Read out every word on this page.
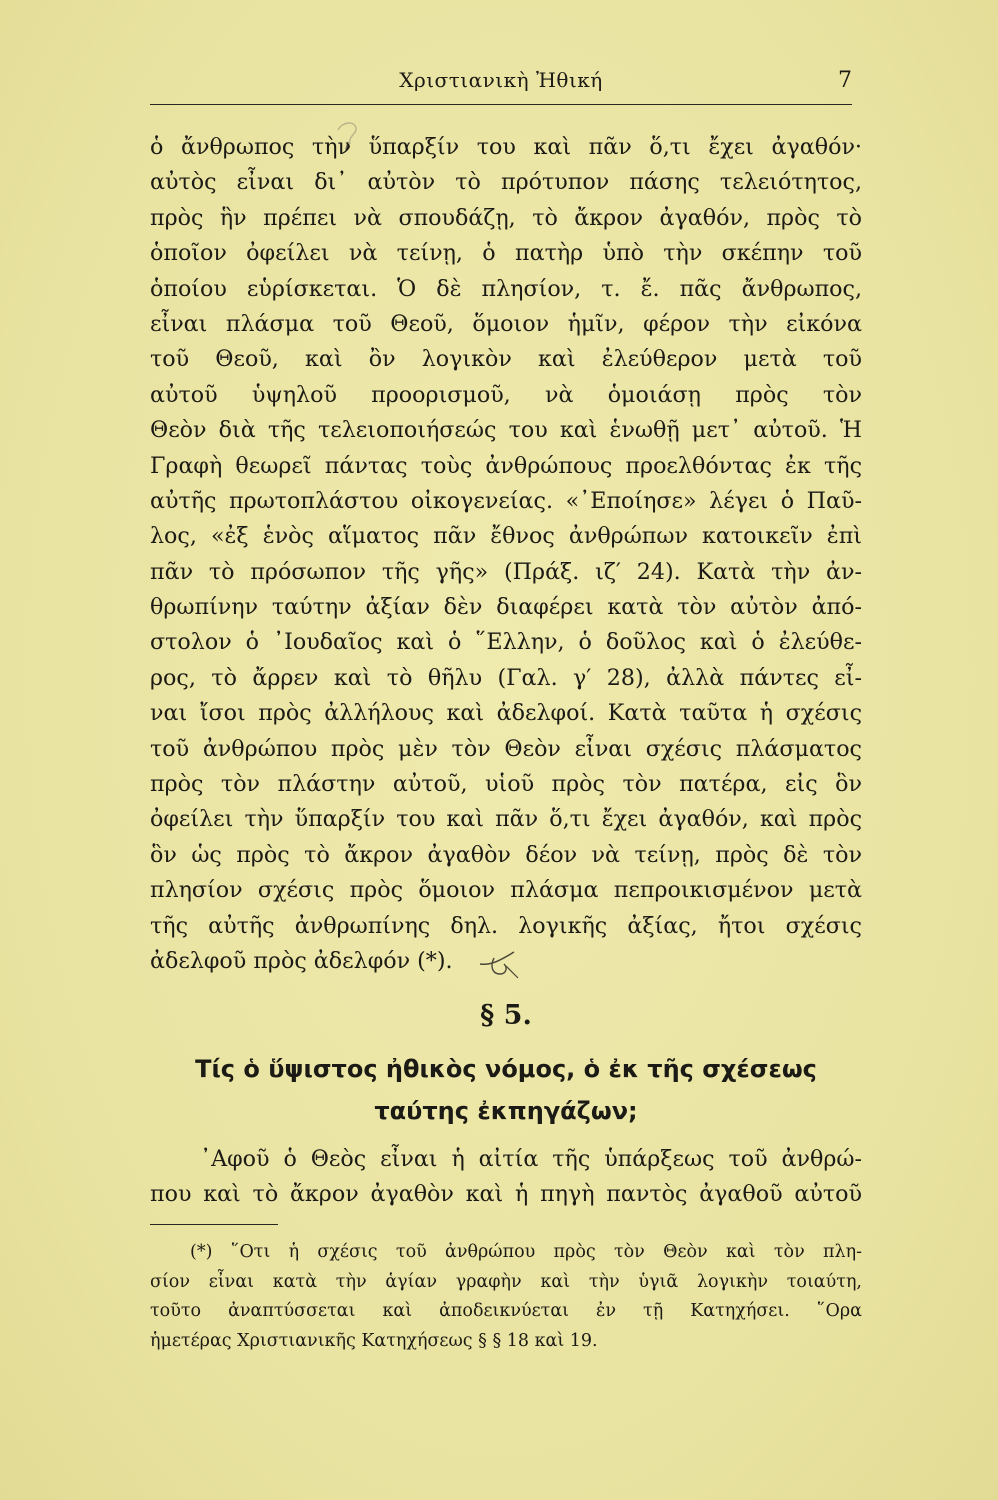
Χριστιανικὴ Ἠθική	7
ὁ ἄνθρωπος τὴν ὕπαρξίν του καὶ πᾶν ὅ,τι ἔχει ἀγαθόν·
αὐτὸς εἶναι δι᾽ αὐτὸν τὸ πρότυπον πάσης τελειότητος,
πρὸς ἣν πρέπει νὰ σπουδάζῃ, τὸ ἄκρον ἀγαθόν, πρὸς τὸ
ὁποῖον ὀφείλει νὰ τείνῃ, ὁ πατὴρ ὑπὸ τὴν σκέπην τοῦ
ὁποίου εὑρίσκεται. Ὁ δὲ πλησίον, τ. ἔ. πᾶς ἄνθρωπος,
εἶναι πλάσμα τοῦ Θεοῦ, ὅμοιον ἡμῖν, φέρον τὴν εἰκόνα
τοῦ Θεοῦ, καὶ ὂν λογικὸν καὶ ἐλεύθερον μετὰ τοῦ
αὐτοῦ ὑψηλοῦ προορισμοῦ, νὰ ὁμοιάσῃ πρὸς τὸν
Θεὸν διὰ τῆς τελειοποιήσεώς του καὶ ἑνωθῇ μετ᾽ αὐτοῦ. Ἡ
Γραφὴ θεωρεῖ πάντας τοὺς ἀνθρώπους προελθόντας ἐκ τῆς
αὐτῆς πρωτοπλάστου οἰκογενείας. «᾽Εποίησε» λέγει ὁ Παῦ-
λος, «ἐξ ἑνὸς αἵματος πᾶν ἔθνος ἀνθρώπων κατοικεῖν ἐπὶ
πᾶν τὸ πρόσωπον τῆς γῆς» (Πράξ. ιζ′ 24). Κατὰ τὴν ἀν-
θρωπίνην ταύτην ἀξίαν δὲν διαφέρει κατὰ τὸν αὐτὸν ἀπό-
στολον ὁ ᾽Ιουδαῖος καὶ ὁ ῞Ελλην, ὁ δοῦλος καὶ ὁ ἐλεύθε-
ρος, τὸ ἄρρεν καὶ τὸ θῆλυ (Γαλ. γ′ 28), ἀλλὰ πάντες εἶ-
ναι ἴσοι πρὸς ἀλλήλους καὶ ἀδελφοί. Κατὰ ταῦτα ἡ σχέσις
τοῦ ἀνθρώπου πρὸς μὲν τὸν Θεὸν εἶναι σχέσις πλάσματος
πρὸς τὸν πλάστην αὐτοῦ, υἱοῦ πρὸς τὸν πατέρα, εἰς ὃν
ὀφείλει τὴν ὕπαρξίν του καὶ πᾶν ὅ,τι ἔχει ἀγαθόν, καὶ πρὸς
ὃν ὡς πρὸς τὸ ἄκρον ἀγαθὸν δέον νὰ τείνῃ, πρὸς δὲ τὸν
πλησίον σχέσις πρὸς ὅμοιον πλάσμα πεπροικισμένον μετὰ
τῆς αὐτῆς ἀνθρωπίνης δηλ. λογικῆς ἀξίας, ἤτοι σχέσις
ἀδελφοῦ πρὸς ἀδελφόν (*).
§ 5.
Τίς ὁ ὕψιστος ἠθικὸς νόμος, ὁ ἐκ τῆς σχέσεως
ταύτης ἐκπηγάζων;
᾽Αφοῦ ὁ Θεὸς εἶναι ἡ αἰτία τῆς ὑπάρξεως τοῦ ἀνθρώ-
που καὶ τὸ ἄκρον ἀγαθὸν καὶ ἡ πηγὴ παντὸς ἀγαθοῦ αὐτοῦ
(*) ῞Οτι ἡ σχέσις τοῦ ἀνθρώπου πρὸς τὸν Θεὸν καὶ τὸν πλη-
σίον εἶναι κατὰ τὴν ἁγίαν γραφὴν καὶ τὴν ὑγιᾶ λογικὴν τοιαύτη,
τοῦτο ἀναπτύσσεται καὶ ἀποδεικνύεται ἐν τῇ Κατηχήσει. ῞Ορα
ἡμετέρας Χριστιανικῆς Κατηχήσεως § § 18 καὶ 19.
